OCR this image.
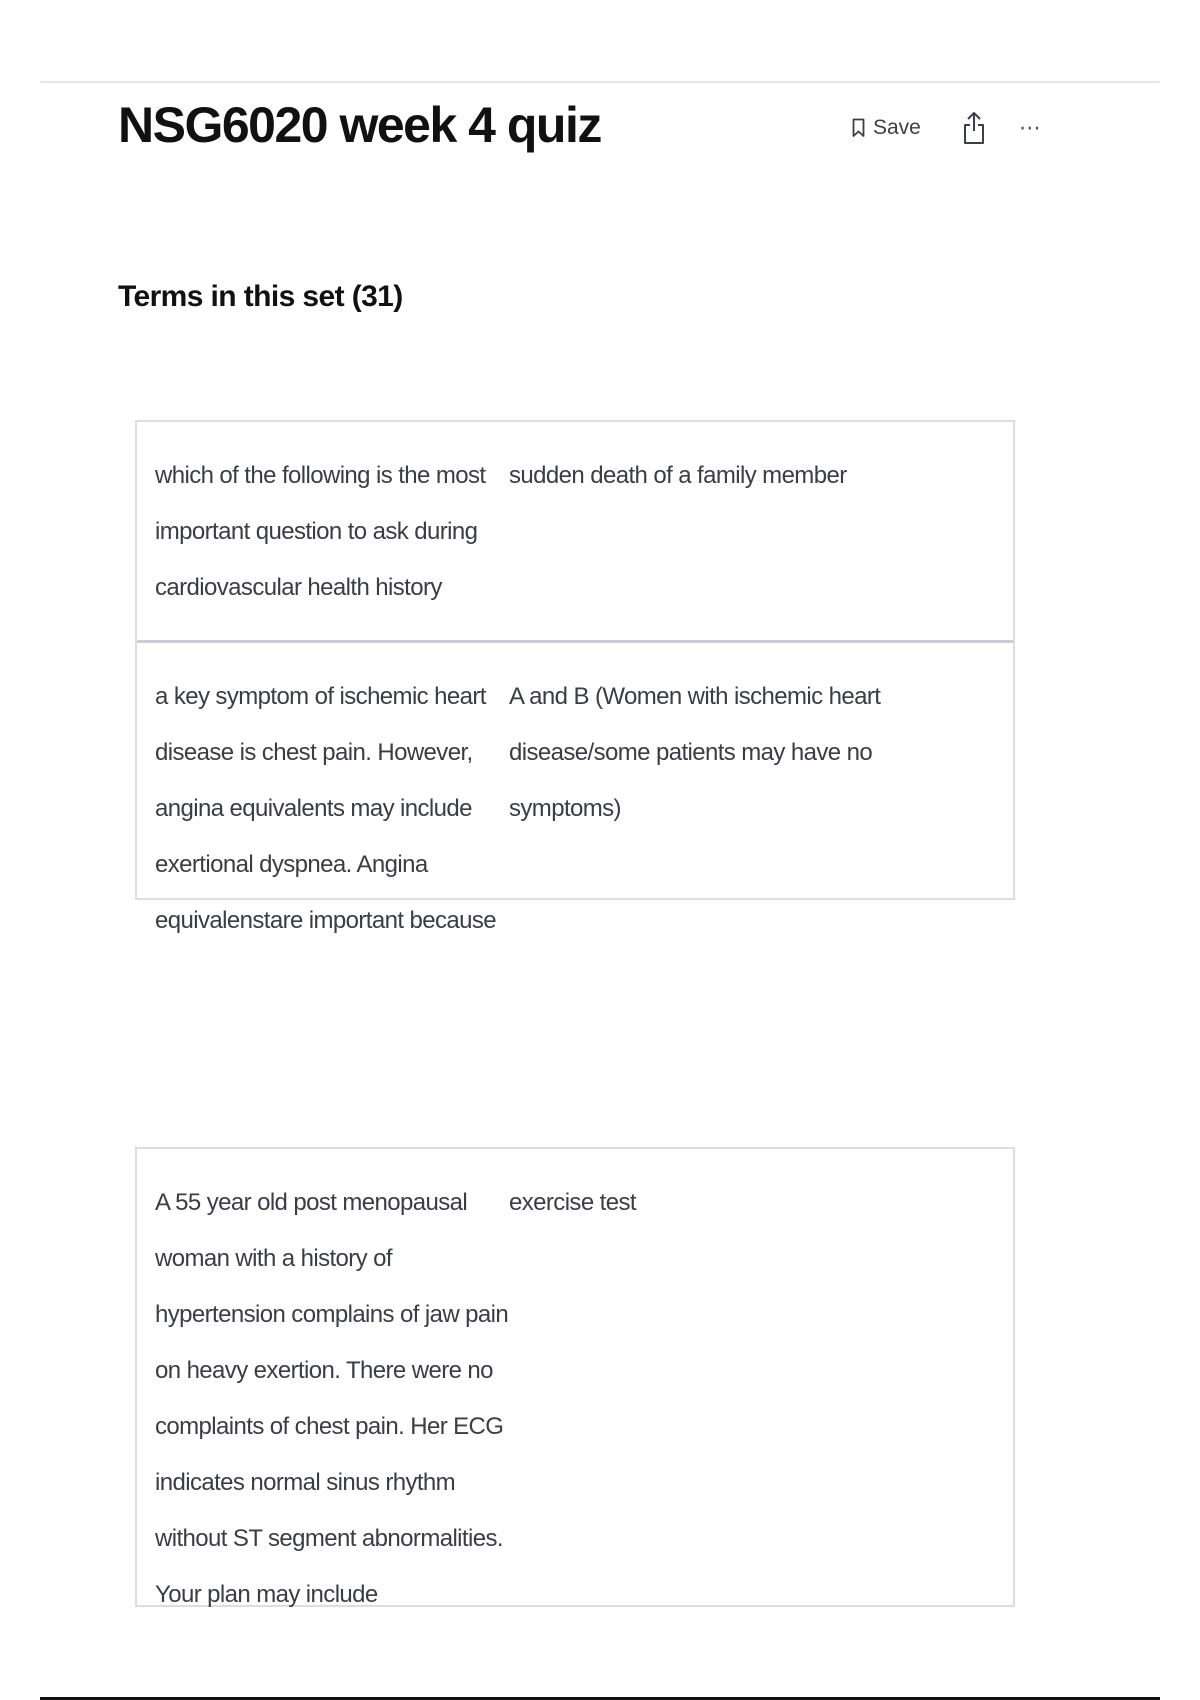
NSG6020 week 4 quiz	Save	⋯
Terms in this set (31)
which of the following is the most important question to ask during cardiovascular health history
sudden death of a family member
a key symptom of ischemic heart disease is chest pain. However, angina equivalents may include exertional dyspnea. Angina equivalenstare important because
A and B (Women with ischemic heart disease/some patients may have no symptoms)
A 55 year old post menopausal woman with a history of hypertension complains of jaw pain on heavy exertion. There were no complaints of chest pain. Her ECG indicates normal sinus rhythm without ST segment abnormalities. Your plan may include
exercise test
